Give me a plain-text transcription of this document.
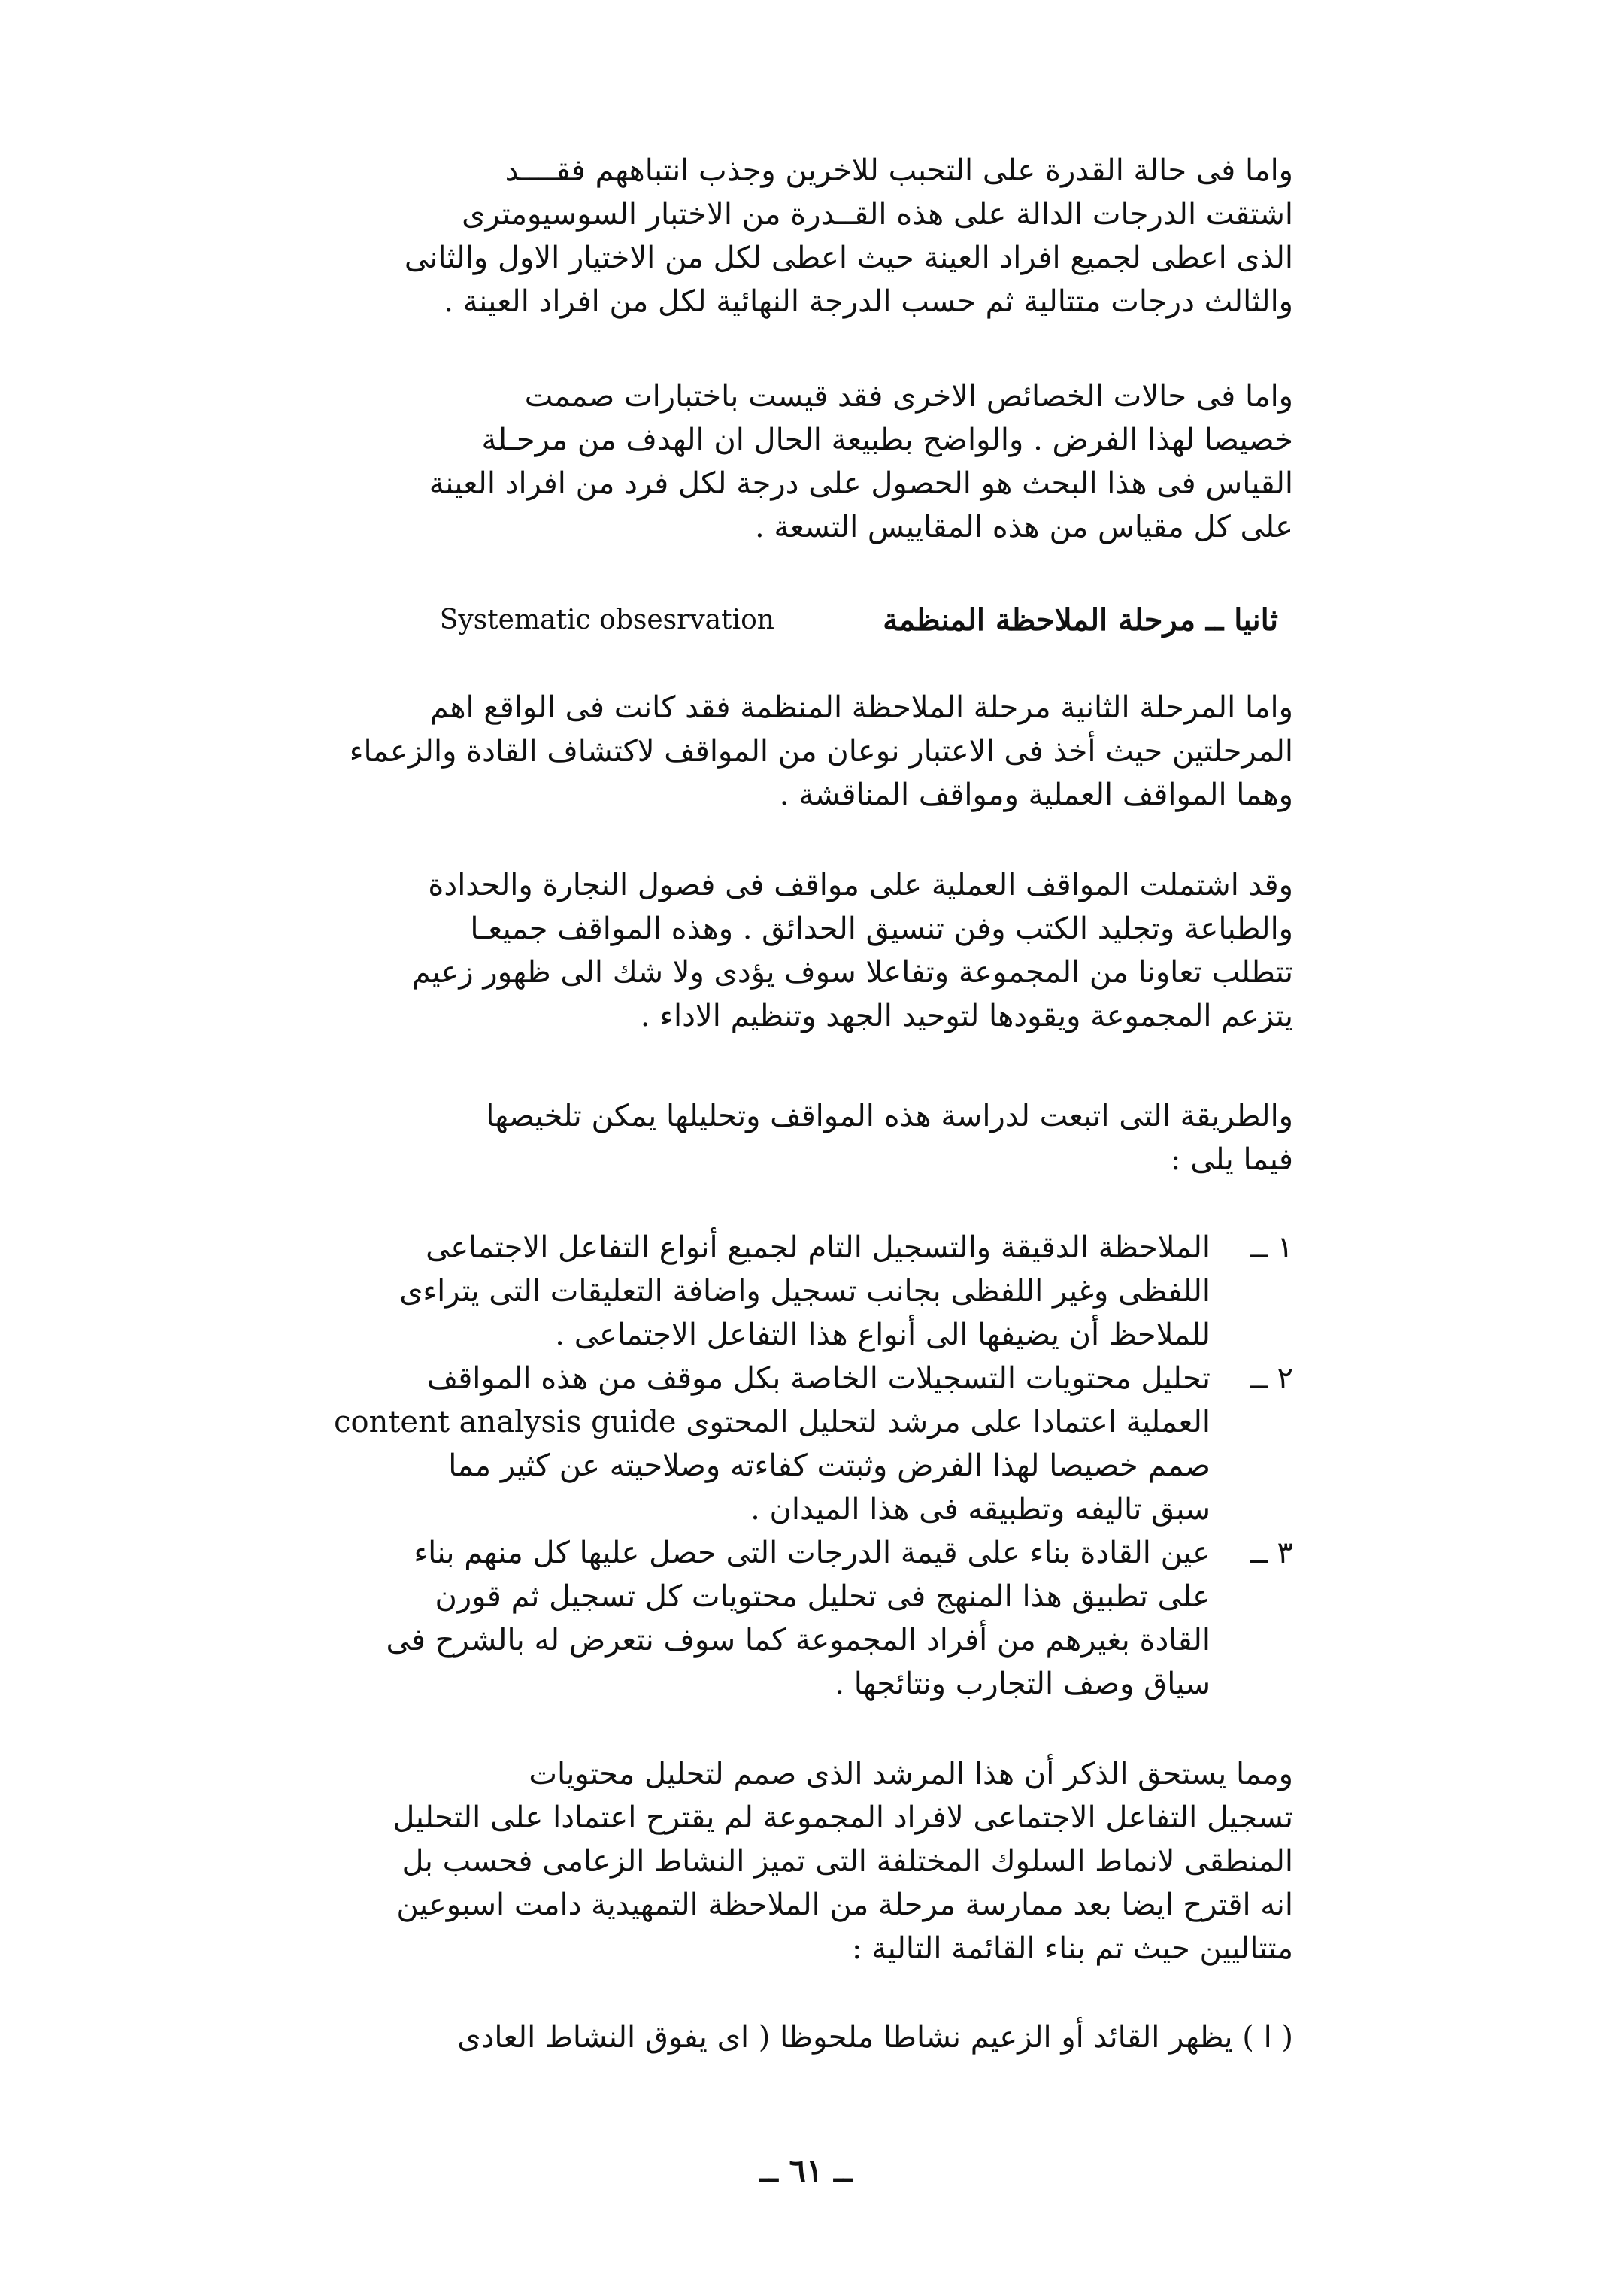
واما فى حالة القدرة على التحبب للاخرين وجذب انتباههم فقــــد
اشتقت الدرجات الدالة على هذه القــدرة من الاختبار السوسيومترى
الذى اعطى لجميع افراد العينة حيث اعطى لكل من الاختيار الاول والثانى
والثالث درجات متتالية ثم حسب الدرجة النهائية لكل من افراد العينة .

واما فى حالات الخصائص الاخرى فقد قيست باختبارات صممت
خصيصا لهذا الفرض . والواضح بطبيعة الحال ان الهدف من مرحـلة
القياس فى هذا البحث هو الحصول على درجة لكل فرد من افراد العينة
على كل مقياس من هذه المقاييس التسعة .

ثانيا ــ مرحلة الملاحظة المنظمة
Systematic obsesrvation

واما المرحلة الثانية مرحلة الملاحظة المنظمة فقد كانت فى الواقع اهم
المرحلتين حيث أخذ فى الاعتبار نوعان من المواقف لاكتشاف القادة والزعماء
وهما المواقف العملية ومواقف المناقشة .

وقد اشتملت المواقف العملية على مواقف فى فصول النجارة والحدادة
والطباعة وتجليد الكتب وفن تنسيق الحدائق . وهذه المواقف جميعـا
تتطلب تعاونا من المجموعة وتفاعلا سوف يؤدى ولا شك الى ظهور زعيم
يتزعم المجموعة ويقودها لتوحيد الجهد وتنظيم الاداء .

والطريقة التى اتبعت لدراسة هذه المواقف وتحليلها يمكن تلخيصها
فيما يلى :

١ ــ
الملاحظة الدقيقة والتسجيل التام لجميع أنواع التفاعل الاجتماعى
اللفظى وغير اللفظى بجانب تسجيل واضافة التعليقات التى يتراءى
للملاحظ أن يضيفها الى أنواع هذا التفاعل الاجتماعى .
٢ ــ
تحليل محتويات التسجيلات الخاصة بكل موقف من هذه المواقف
العملية اعتمادا على مرشد لتحليل المحتوى content analysis guide
صمم خصيصا لهذا الفرض وثبتت كفاءته وصلاحيته عن كثير مما
سبق تاليفه وتطبيقه فى هذا الميدان .
٣ ــ
عين القادة بناء على قيمة الدرجات التى حصل عليها كل منهم بناء
على تطبيق هذا المنهج فى تحليل محتويات كل تسجيل ثم قورن
القادة بغيرهم من أفراد المجموعة كما سوف نتعرض له بالشرح فى
سياق وصف التجارب ونتائجها .

ومما يستحق الذكر أن هذا المرشد الذى صمم لتحليل محتويات
تسجيل التفاعل الاجتماعى لافراد المجموعة لم يقترح اعتمادا على التحليل
المنطقى لانماط السلوك المختلفة التى تميز النشاط الزعامى فحسب بل
انه اقترح ايضا بعد ممارسة مرحلة من الملاحظة التمهيدية دامت اسبوعين
متتاليين حيث تم بناء القائمة التالية :

( ا ) يظهر القائد أو الزعيم نشاطا ملحوظا ( اى يفوق النشاط العادى

ــ ٦١ ــ
